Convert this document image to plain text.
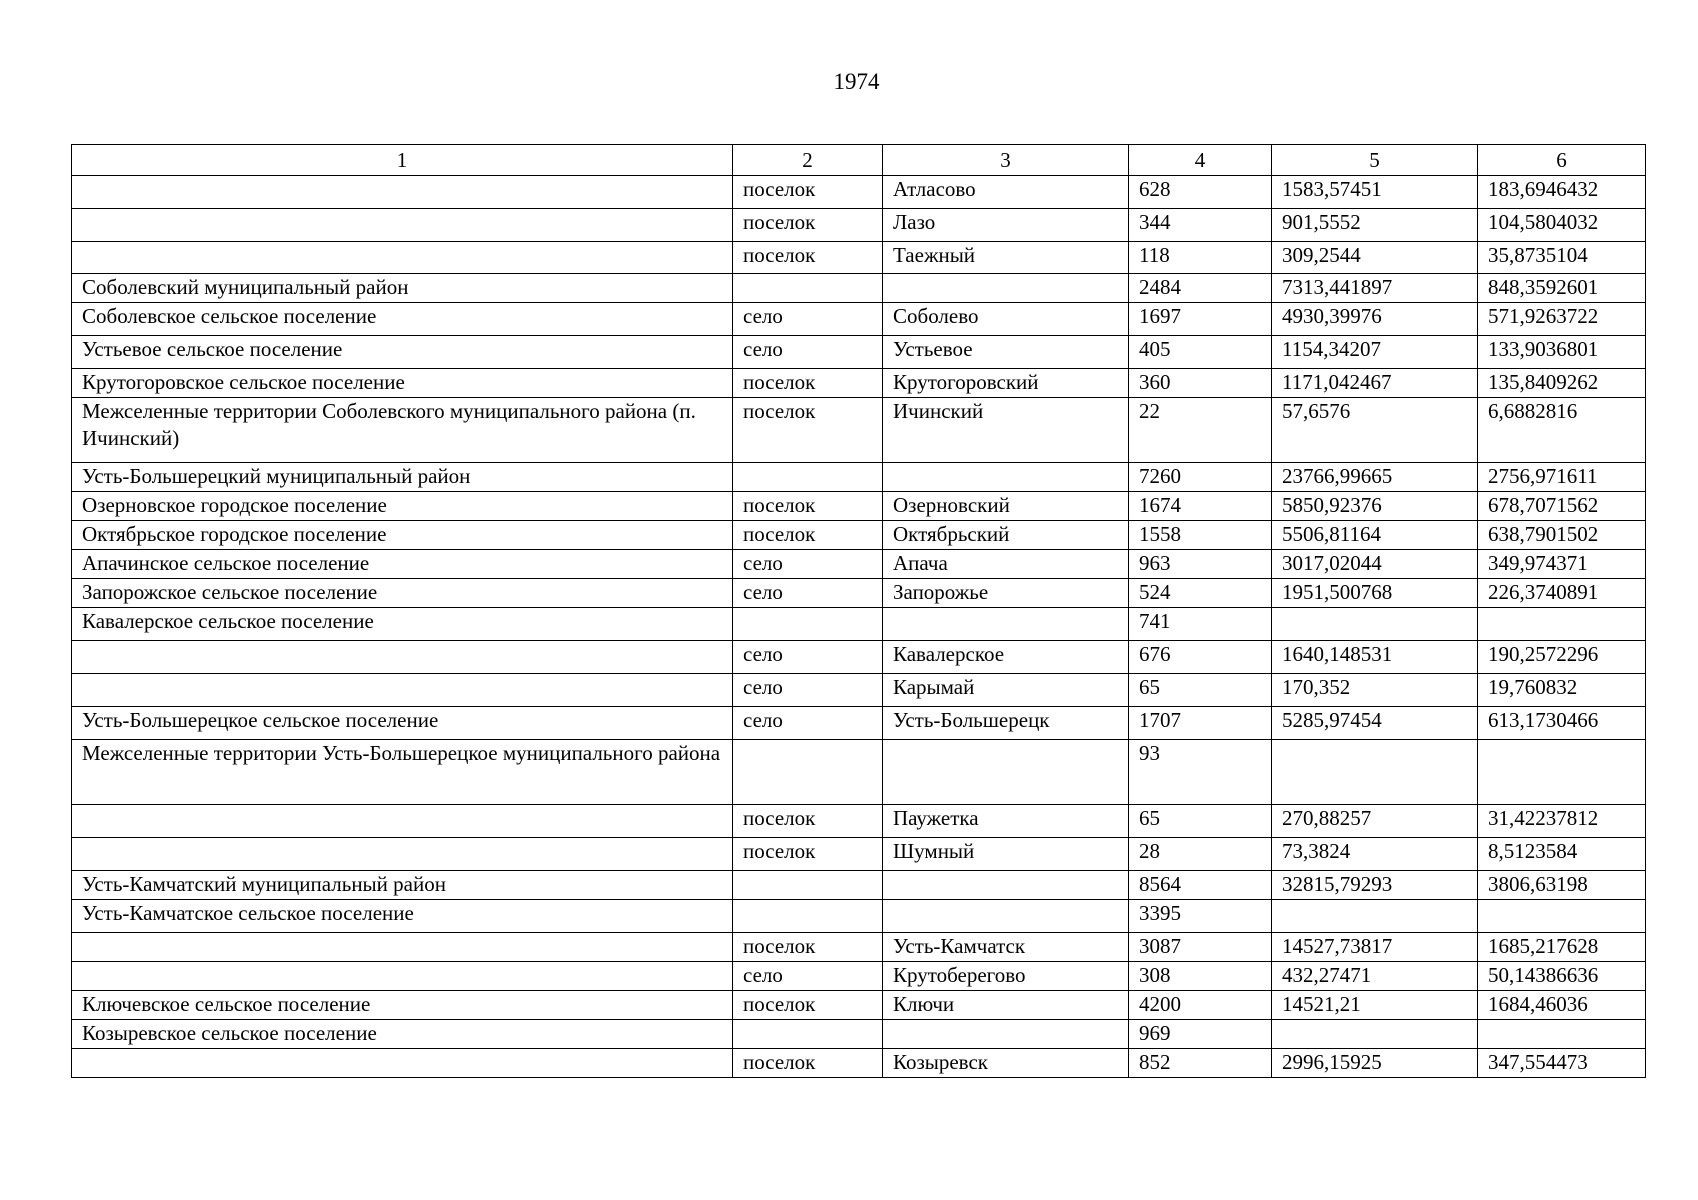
1974
1	2	3	4	5	6
	поселок	Атласово	628	1583,57451	183,6946432
	поселок	Лазо	344	901,5552	104,5804032
	поселок	Таежный	118	309,2544	35,8735104
Соболевский муниципальный район			2484	7313,441897	848,3592601
Соболевское сельское поселение	село	Соболево	1697	4930,39976	571,9263722
Устьевое сельское поселение	село	Устьевое	405	1154,34207	133,9036801
Крутогоровское сельское поселение	поселок	Крутогоровский	360	1171,042467	135,8409262
Межселенные территории Соболевского муниципального района (п. Ичинский)	поселок	Ичинский	22	57,6576	6,6882816
Усть-Большерецкий муниципальный район			7260	23766,99665	2756,971611
Озерновское городское поселение	поселок	Озерновский	1674	5850,92376	678,7071562
Октябрьское городское поселение	поселок	Октябрьский	1558	5506,81164	638,7901502
Апачинское сельское поселение	село	Апача	963	3017,02044	349,974371
Запорожское сельское поселение	село	Запорожье	524	1951,500768	226,3740891
Кавалерское сельское поселение			741		
	село	Кавалерское	676	1640,148531	190,2572296
	село	Карымай	65	170,352	19,760832
Усть-Большерецкое сельское поселение	село	Усть-Большерецк	1707	5285,97454	613,1730466
Межселенные территории Усть-Большерецкое муниципального района			93		
	поселок	Паужетка	65	270,88257	31,42237812
	поселок	Шумный	28	73,3824	8,5123584
Усть-Камчатский муниципальный район			8564	32815,79293	3806,63198
Усть-Камчатское сельское поселение			3395		
	поселок	Усть-Камчатск	3087	14527,73817	1685,217628
	село	Крутоберегово	308	432,27471	50,14386636
Ключевское сельское поселение	поселок	Ключи	4200	14521,21	1684,46036
Козыревское сельское поселение			969		
	поселок	Козыревск	852	2996,15925	347,554473
